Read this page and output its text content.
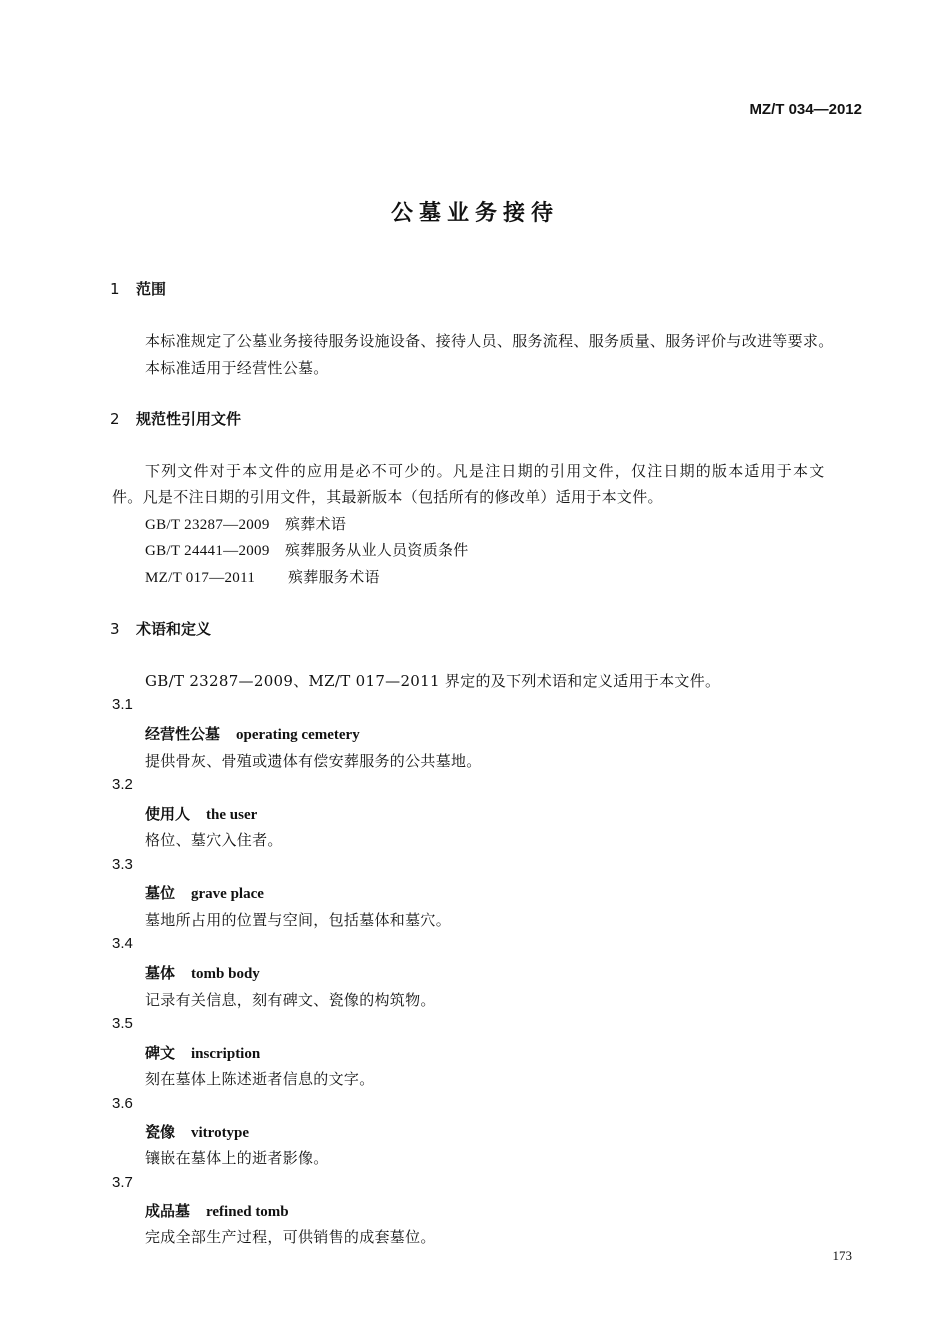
MZ/T 034—2012
公墓业务接待
1 范围
本标准规定了公墓业务接待服务设施设备、接待人员、服务流程、服务质量、服务评价与改进等要求。
本标准适用于经营性公墓。
2 规范性引用文件
下列文件对于本文件的应用是必不可少的。凡是注日期的引用文件，仅注日期的版本适用于本文
件。凡是不注日期的引用文件，其最新版本（包括所有的修改单）适用于本文件。
GB/T 23287—2009 殡葬术语
GB/T 24441—2009 殡葬服务从业人员资质条件
MZ/T 017—2011 殡葬服务术语
3 术语和定义
GB/T 23287—2009、MZ/T 017—2011 界定的及下列术语和定义适用于本文件。
3.1
经营性公墓 operating cemetery
提供骨灰、骨殖或遗体有偿安葬服务的公共墓地。
3.2
使用人 the user
格位、墓穴入住者。
3.3
墓位 grave place
墓地所占用的位置与空间，包括墓体和墓穴。
3.4
墓体 tomb body
记录有关信息，刻有碑文、瓷像的构筑物。
3.5
碑文 inscription
刻在墓体上陈述逝者信息的文字。
3.6
瓷像 vitrotype
镶嵌在墓体上的逝者影像。
3.7
成品墓 refined tomb
完成全部生产过程，可供销售的成套墓位。
173
